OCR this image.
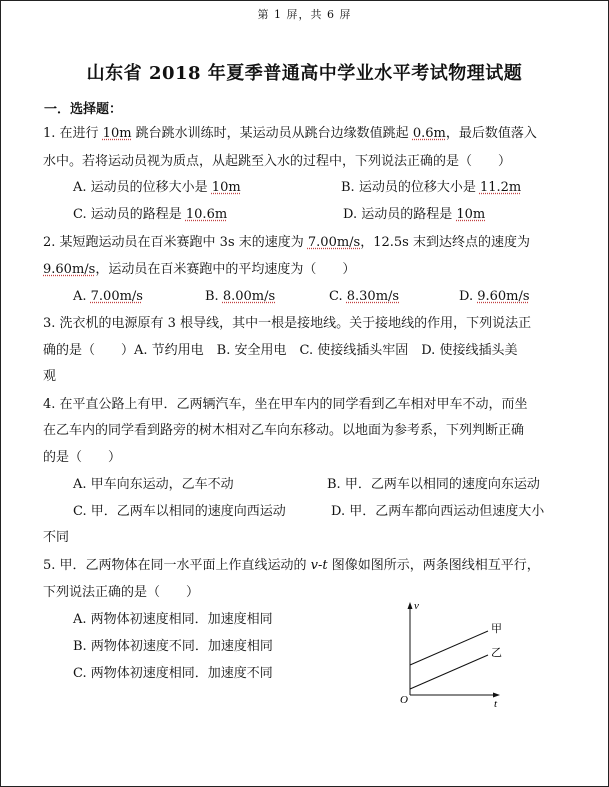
第 1 屏，共 6 屏
山东省 2018 年夏季普通高中学业水平考试物理试题
一．选择题：
1. 在进行 10m 跳台跳水训练时，某运动员从跳台边缘数值跳起 0.6m，最后数值落入
水中。若将运动员视为质点，从起跳至入水的过程中，下列说法正确的是（　　）
A. 运动员的位移大小是 10m	B. 运动员的位移大小是 11.2m
C. 运动员的路程是 10.6m	D. 运动员的路程是 10m
2. 某短跑运动员在百米赛跑中 3s 末的速度为 7.00m/s，12.5s 末到达终点的速度为
9.60m/s，运动员在百米赛跑中的平均速度为（　　）
A. 7.00m/s	B. 8.00m/s	C. 8.30m/s	D. 9.60m/s
3. 洗衣机的电源原有 3 根导线，其中一根是接地线。关于接地线的作用，下列说法正
确的是（　　）A. 节约用电　B. 安全用电　C. 使接线插头牢固　D. 使接线插头美
观
4. 在平直公路上有甲．乙两辆汽车，坐在甲车内的同学看到乙车相对甲车不动，而坐
在乙车内的同学看到路旁的树木相对乙车向东移动。以地面为参考系，下列判断正确
的是（　　）
A. 甲车向东运动，乙车不动	B. 甲．乙两车以相同的速度向东运动
C. 甲．乙两车以相同的速度向西运动	D. 甲．乙两车都向西运动但速度大小
不同
5. 甲．乙两物体在同一水平面上作直线运动的 v-t 图像如图所示，两条图线相互平行，
下列说法正确的是（　　）
A. 两物体初速度相同．加速度相同
B. 两物体初速度不同．加速度相同
C. 两物体初速度相同．加速度不同
v
t
O
甲
乙
